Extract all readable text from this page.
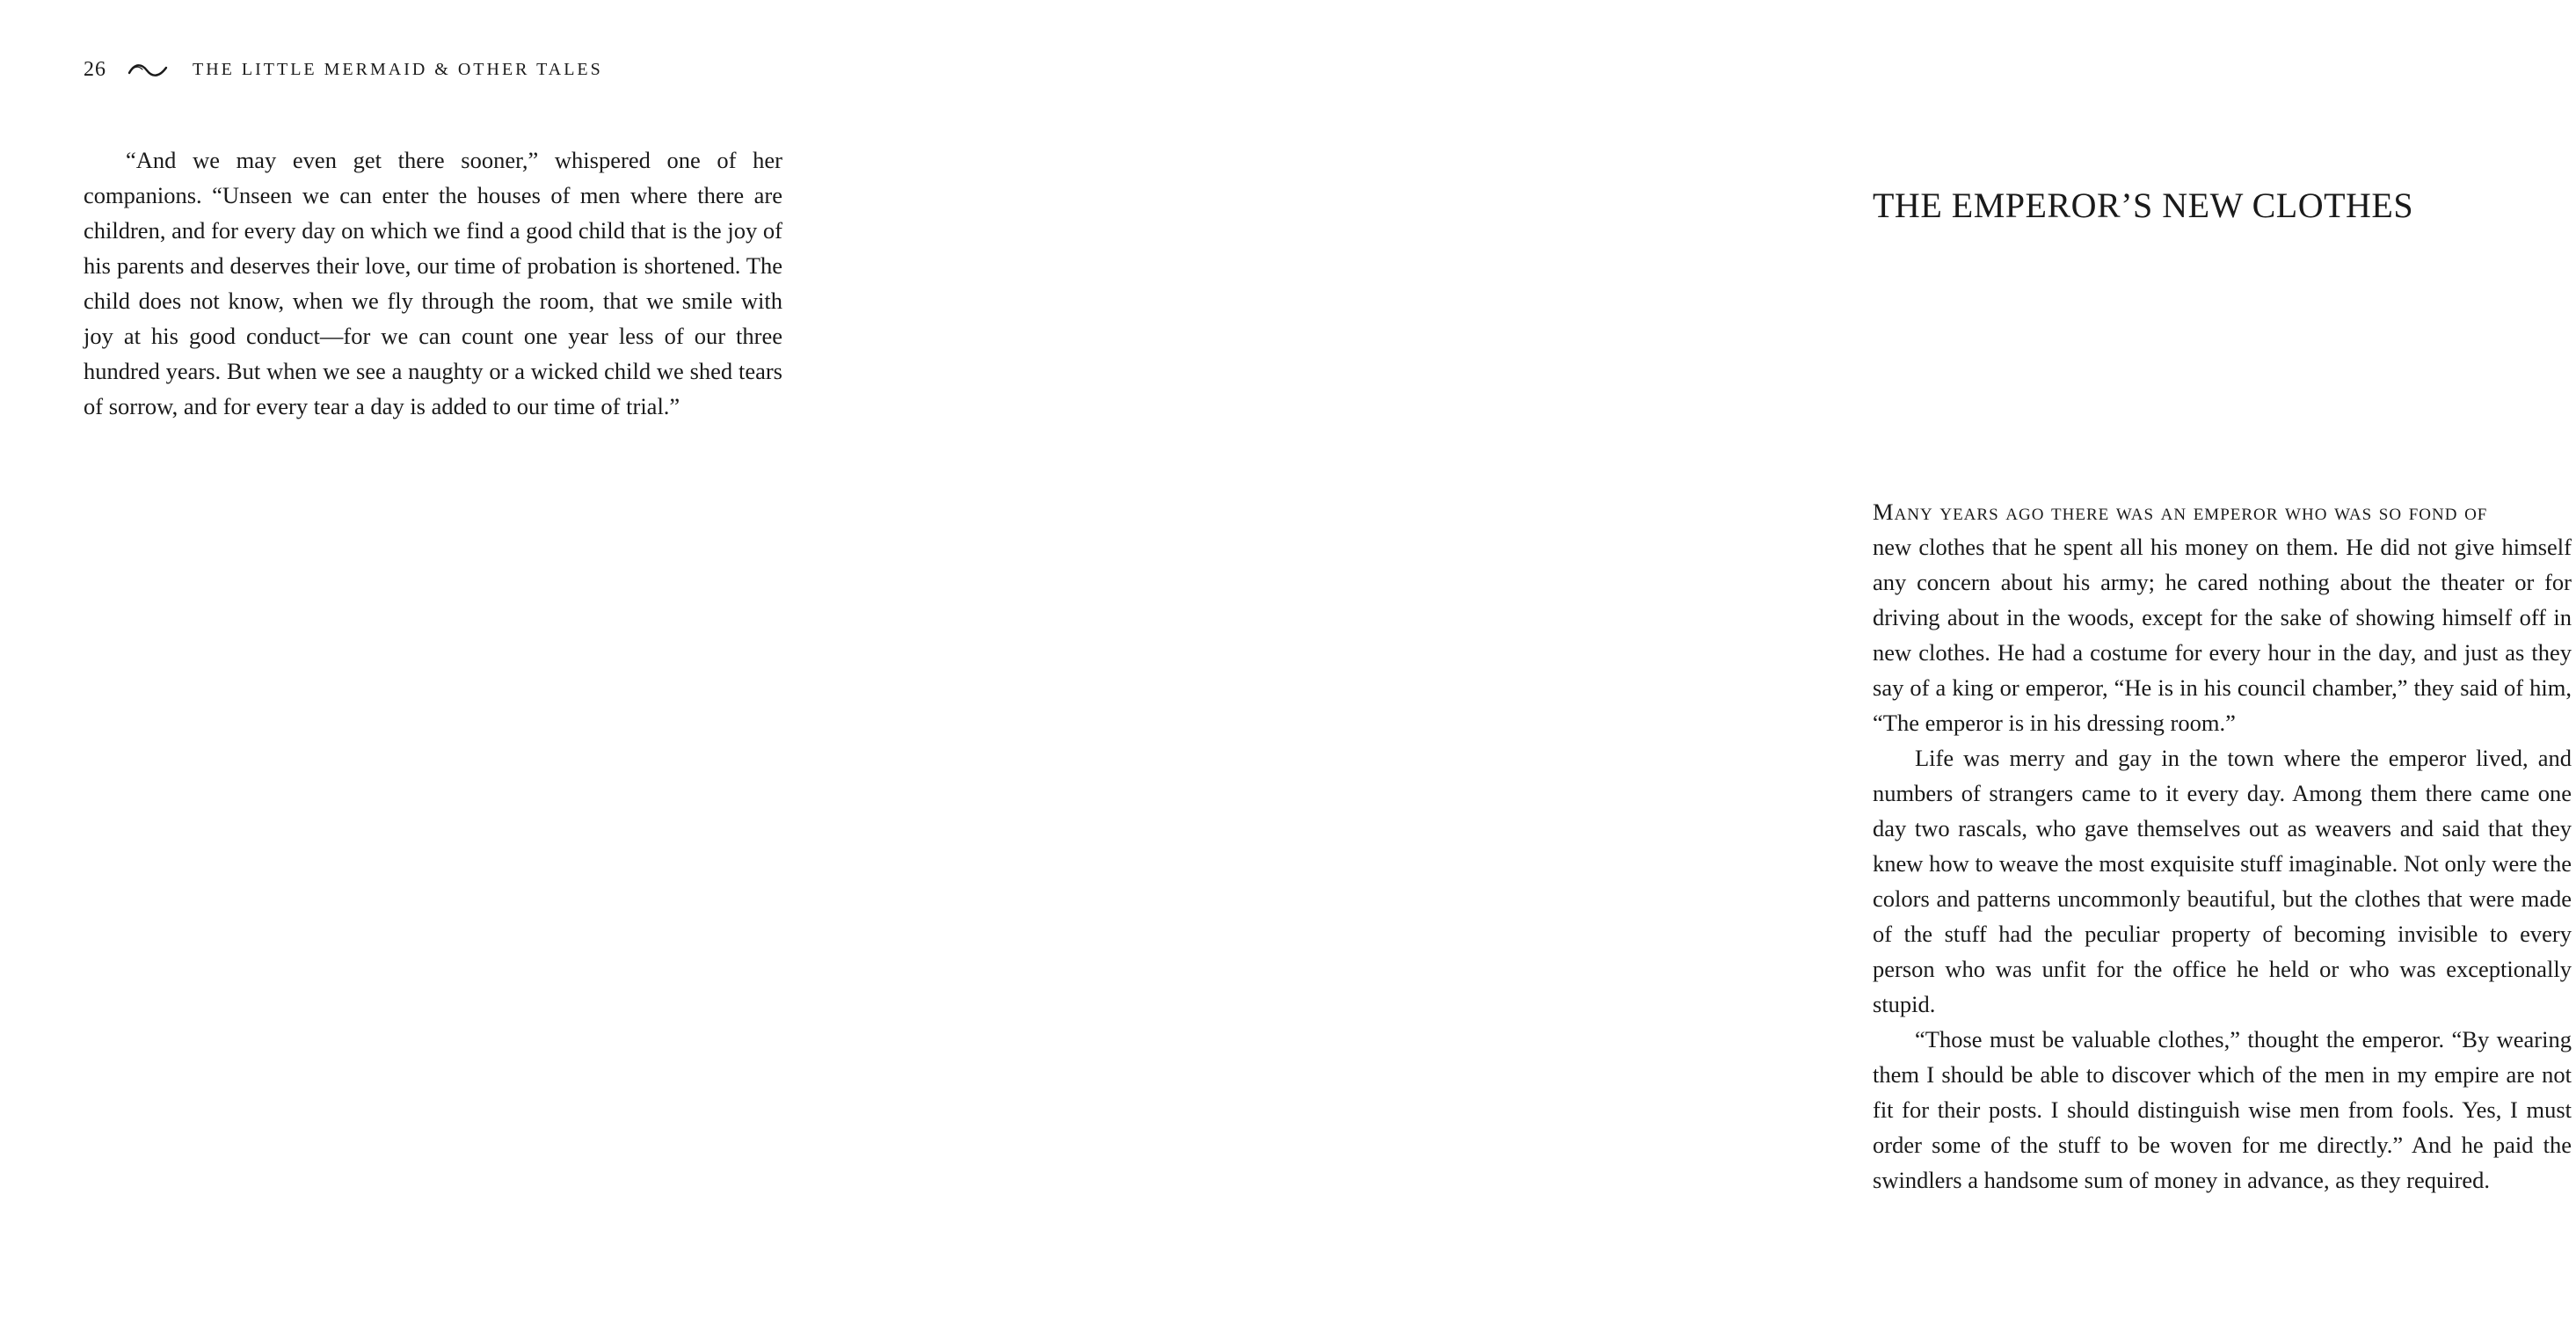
26	THE LITTLE MERMAID & OTHER TALES

“And we may even get there sooner,” whispered one of her companions. “Unseen we can enter the houses of men where there are children, and for every day on which we find a good child that is the joy of his parents and deserves their love, our time of probation is shortened. The child does not know, when we fly through the room, that we smile with joy at his good conduct—for we can count one year less of our three hundred years. But when we see a naughty or a wicked child we shed tears of sorrow, and for every tear a day is added to our time of trial.”

THE EMPEROR’S NEW CLOTHES

Many years ago there was an emperor who was so fond of

new clothes that he spent all his money on them. He did not give himself any concern about his army; he cared nothing about the theater or for driving about in the woods, except for the sake of showing himself off in new clothes. He had a costume for every hour in the day, and just as they say of a king or emperor, “He is in his council chamber,” they said of him, “The emperor is in his dressing room.”

Life was merry and gay in the town where the emperor lived, and numbers of strangers came to it every day. Among them there came one day two rascals, who gave themselves out as weavers and said that they knew how to weave the most exquisite stuff imaginable. Not only were the colors and patterns uncommonly beautiful, but the clothes that were made of the stuff had the peculiar property of becoming invisible to every person who was unfit for the office he held or who was exceptionally stupid.

“Those must be valuable clothes,” thought the emperor. “By wearing them I should be able to discover which of the men in my empire are not fit for their posts. I should distinguish wise men from fools. Yes, I must order some of the stuff to be woven for me directly.” And he paid the swindlers a handsome sum of money in advance, as they required.
